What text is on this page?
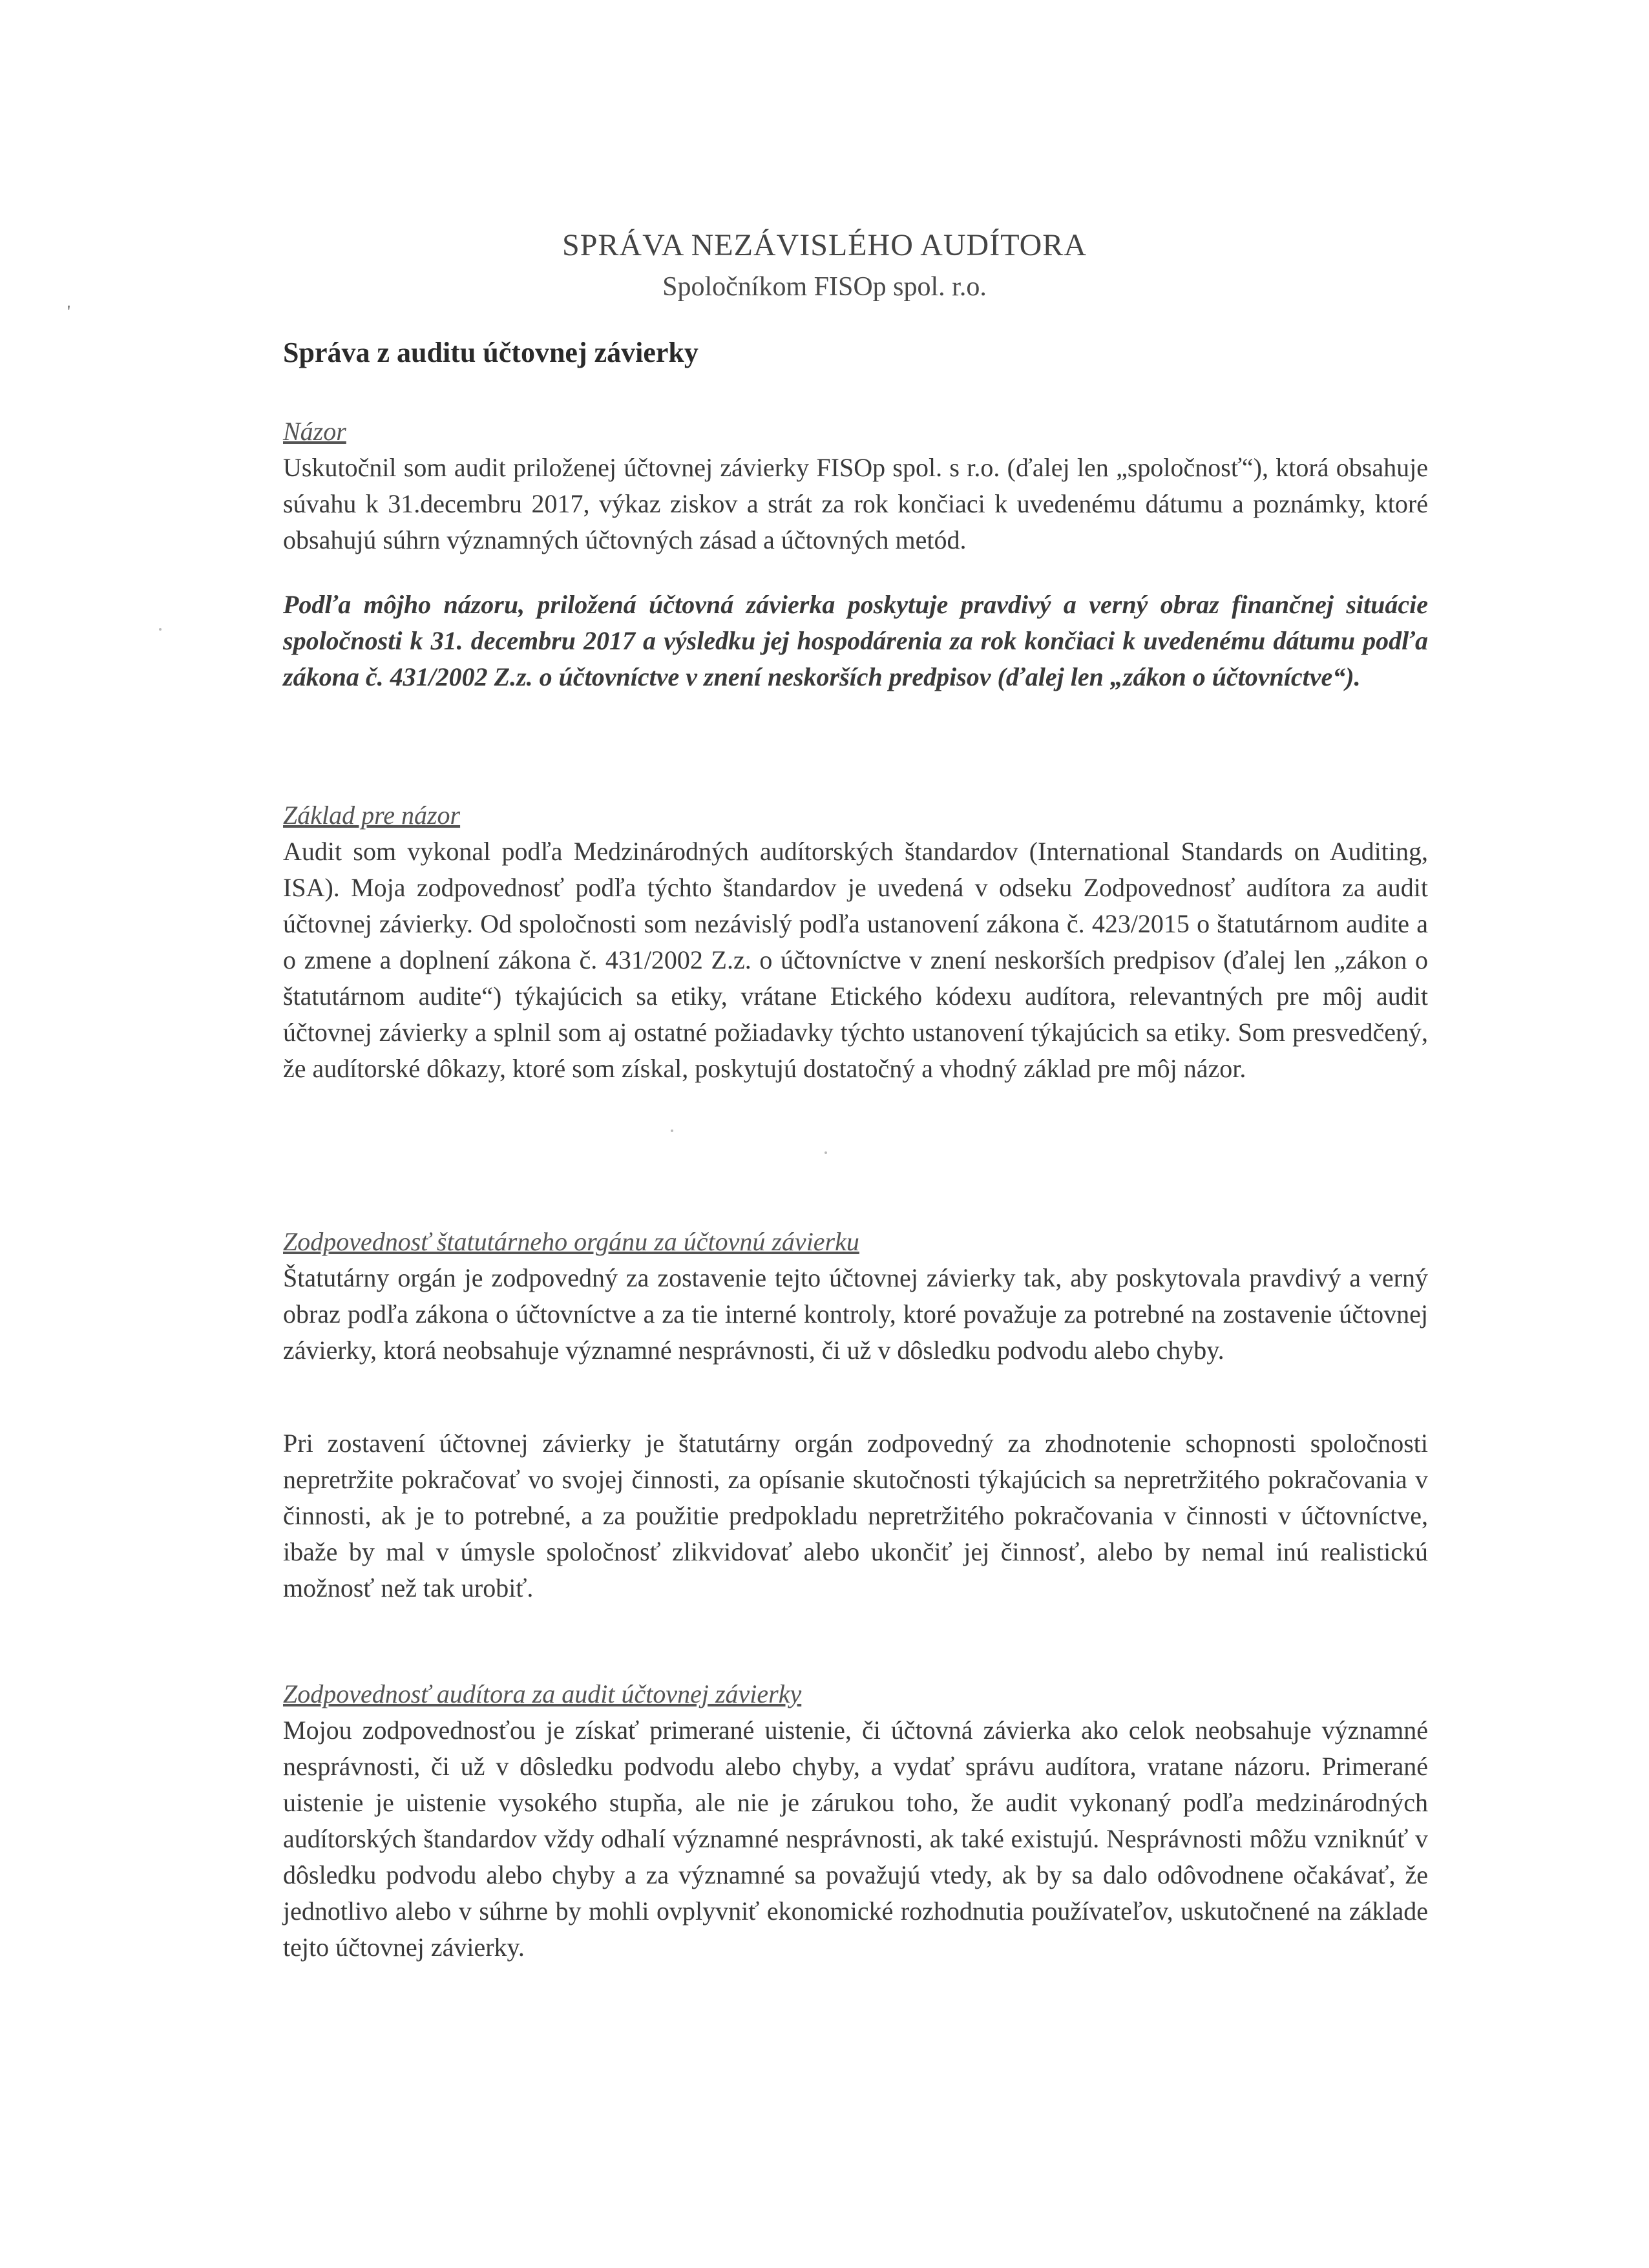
SPRÁVA NEZÁVISLÉHO AUDÍTORA
Spoločníkom FISOp spol. r.o.
'
Správa z auditu účtovnej závierky
Názor

Uskutočnil som audit priloženej účtovnej závierky FISOp spol. s r.o. (ďalej len „spoločnosť“), ktorá obsahuje súvahu k 31.decembru 2017, výkaz ziskov a strát za rok končiaci k uvedenému dátumu a poznámky, ktoré obsahujú súhrn významných účtovných zásad a účtovných metód.

Podľa môjho názoru, priložená účtovná závierka poskytuje pravdivý a verný obraz finančnej situácie spoločnosti k 31. decembru 2017 a výsledku jej hospodárenia za rok končiaci k uvedenému dátumu podľa zákona č. 431/2002 Z.z. o účtovníctve v znení neskorších predpisov (ďalej len „zákon o účtovníctve“).

Základ pre názor

Audit som vykonal podľa Medzinárodných audítorských štandardov (International Standards on Auditing, ISA). Moja zodpovednosť podľa týchto štandardov je uvedená v odseku Zodpovednosť audítora za audit účtovnej závierky. Od spoločnosti som nezávislý podľa ustanovení zákona č. 423/2015 o štatutárnom audite a o zmene a doplnení zákona č. 431/2002 Z.z. o účtovníctve v znení neskorších predpisov (ďalej len „zákon o štatutárnom audite“) týkajúcich sa etiky, vrátane Etického kódexu audítora, relevantných pre môj audit účtovnej závierky a splnil som aj ostatné požiadavky týchto ustanovení týkajúcich sa etiky. Som presvedčený, že audítorské dôkazy, ktoré som získal, poskytujú dostatočný a vhodný základ pre môj názor.

Zodpovednosť štatutárneho orgánu za účtovnú závierku

Štatutárny orgán je zodpovedný za zostavenie tejto účtovnej závierky tak, aby poskytovala pravdivý a verný obraz podľa zákona o účtovníctve a za tie interné kontroly, ktoré považuje za potrebné na zostavenie účtovnej závierky, ktorá neobsahuje významné nesprávnosti, či už v dôsledku podvodu alebo chyby.

Pri zostavení účtovnej závierky je štatutárny orgán zodpovedný za zhodnotenie schopnosti spoločnosti nepretržite pokračovať vo svojej činnosti, za opísanie skutočnosti týkajúcich sa nepretržitého pokračovania v činnosti, ak je to potrebné, a za použitie predpokladu nepretržitého pokračovania v činnosti v účtovníctve, ibaže by mal v úmysle spoločnosť zlikvidovať alebo ukončiť jej činnosť, alebo by nemal inú realistickú možnosť než tak urobiť.

Zodpovednosť audítora za audit účtovnej závierky

Mojou zodpovednosťou je získať primerané uistenie, či účtovná závierka ako celok neobsahuje významné nesprávnosti, či už v dôsledku podvodu alebo chyby, a vydať správu audítora, vratane názoru. Primerané uistenie je uistenie vysokého stupňa, ale nie je zárukou toho, že audit vykonaný podľa medzinárodných audítorských štandardov vždy odhalí významné nesprávnosti, ak také existujú. Nesprávnosti môžu vzniknúť v dôsledku podvodu alebo chyby a za významné sa považujú vtedy, ak by sa dalo odôvodnene očakávať, že jednotlivo alebo v súhrne by mohli ovplyvniť ekonomické rozhodnutia používateľov, uskutočnené na základe tejto účtovnej závierky.
